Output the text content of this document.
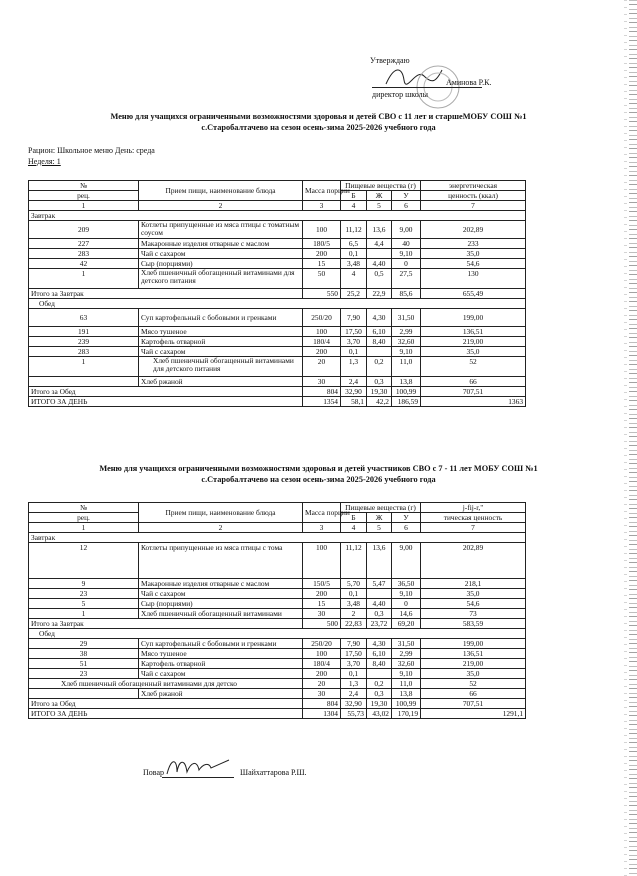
Утверждаю
Аминова Р.К.
директор школы
Меню для учащихся ограниченными возможностями здоровья и детей СВО с 11 лет и старшеМОБУ СОШ №1
с.Старобалтачево на сезон осень-зима 2025-2026 учебного года
Рацион: Школьное меню День: среда
Неделя: 1
№	Прием пищи, наименование блюда	Масса порции	Пищевые вещества (г)			энергетическая
рец.			Б	Ж	У	ценность (ккал)
1	2	3	4	5	6	7
Завтрак						
209	Котлеты припущенные из мяса птицы с томатным соусом	100	11,12	13,6	9,00	202,89
227	Макаронные изделия отварные с маслом	180/5	6,5	4,4	40	233
283	Чай с сахаром	200	0,1		9,10	35,0
42	Сыр (порциями)	15	3,48	4,40	0	54,6
1	Хлеб пшеничный обогащенный витаминами для детского питания	50	4	0,5	27,5	130
Итого за Завтрак		550	25,2	22,9	85,6	655,49
Обед						
63	Суп картофельный с бобовыми и гренками	250/20	7,90	4,30	31,50	199,00
191	Мясо тушеное	100	17,50	6,10	2,99	136,51
239	Картофель отварной	180/4	3,70	8,40	32,60	219,00
283	Чай с сахаром	200	0,1		9,10	35,0
1	Хлеб пшеничный обогащенный витаминами для детского питания	20	1,3	0,2	11,0	52
	Хлеб ржаной	30	2,4	0,3	13,8	66
Итого за Обед		804	32,90	19,30	100,99	707,51
ИТОГО ЗА ДЕНЬ		1354	58,1	42,2	186,59	1363
Меню для учащихся ограниченными возможностями здоровья и детей участников СВО с 7 - 11 лет МОБУ СОШ №1
с.Старобалтачево на сезон осень-зима 2025-2026 учебного года
№	Прием пищи, наименование блюда	Масса порции	Пищевые вещества (г)			j-fij-r,"
рец.			Б	Ж	У	тическая ценность
1	2	3	4	5	6	7
Завтрак						
12	Котлеты припущенные из мяса птицы с тома	100	11,12	13,6	9,00	202,89
9	Макаронные изделия отварные с маслом	150/5	5,70	5,47	36,50	218,1
23	Чай с сахаром	200	0,1		9,10	35,0
5	Сыр (порциями)	15	3,48	4,40	0	54,6
1	Хлеб пшеничный обогащенный витаминами	30	2	0,3	14,6	73
Итого за Завтрак		500	22,83	23,72	69,20	583,59
Обед						
29	Суп картофельный с бобовыми и гренками	250/20	7,90	4,30	31,50	199,00
38	Мясо тушеное	100	17,50	6,10	2,99	136,51
51	Картофель отварной	180/4	3,70	8,40	32,60	219,00
23	Чай с сахаром	200	0,1		9,10	35,0
Хлеб пшеничный обогащенный витаминами для детско		20	1,3	0,2	11,0	52
	Хлеб ржаной	30	2,4	0,3	13,8	66
Итого за Обед		804	32,90	19,30	100,99	707,51
ИТОГО ЗА ДЕНЬ		1304	55,73	43,02	170,19	1291,1
Повар	Шайхаттарова Р.Ш.
